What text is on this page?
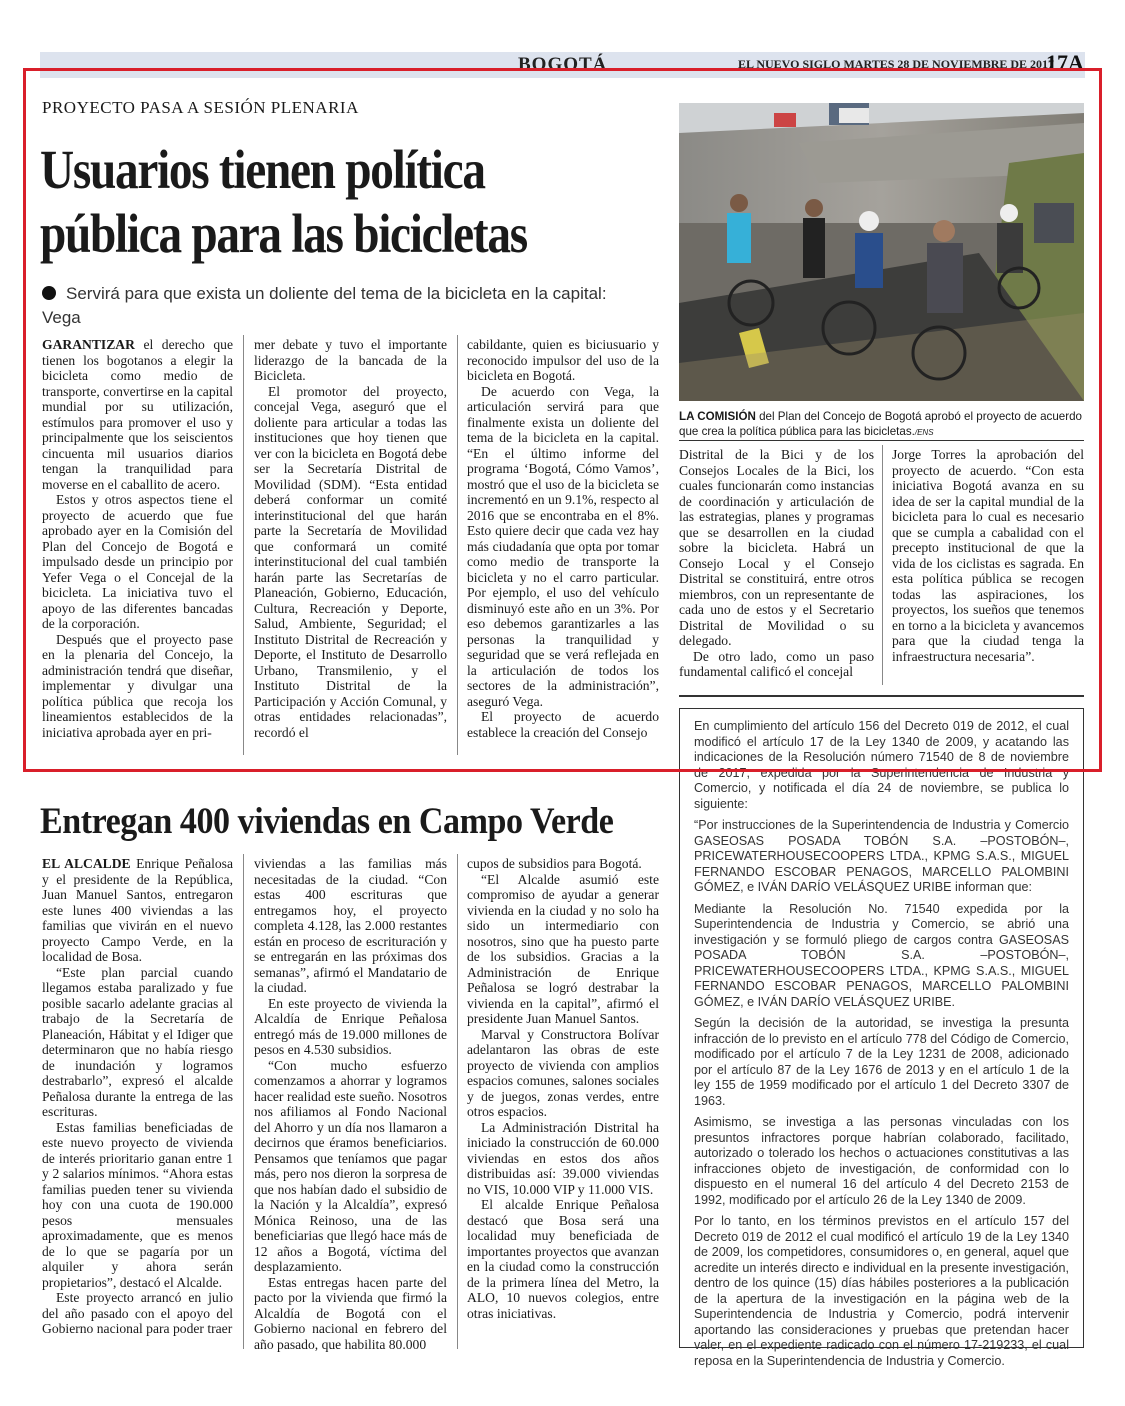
BOGOTÁ	EL NUEVO SIGLO MARTES 28 DE NOVIEMBRE DE 2017
17A
PROYECTO PASA A SESIÓN PLENARIA
Usuarios tienen política
pública para las bicicletas
Servirá para que exista un doliente del tema de la bicicleta en la capital: Vega

GARANTIZAR el derecho que tienen los bogotanos a elegir la bicicleta como medio de transporte, convertirse en la capital mundial por su utilización, estímulos para promover el uso y principalmente que los seiscientos cincuenta mil usuarios diarios tengan la tranquilidad para moverse en el caballito de acero.

Estos y otros aspectos tiene el proyecto de acuerdo que fue aprobado ayer en la Comisión del Plan del Concejo de Bogotá e impulsado desde un principio por Yefer Vega o el Concejal de la bicicleta. La iniciativa tuvo el apoyo de las diferentes bancadas de la corporación.

Después que el proyecto pase en la plenaria del Concejo, la administración tendrá que diseñar, implementar y divulgar una política pública que recoja los lineamientos establecidos de la iniciativa aprobada ayer en pri-

mer debate y tuvo el importante liderazgo de la bancada de la Bicicleta.

El promotor del proyecto, concejal Vega, aseguró que el doliente para articular a todas las instituciones que hoy tienen que ver con la bicicleta en Bogotá debe ser la Secretaría Distrital de Movilidad (SDM). “Esta entidad deberá conformar un comité interinstitucional del que harán parte la Secretaría de Movilidad que conformará un comité interinstitucional del cual también harán parte las Secretarías de Planeación, Gobierno, Educación, Cultura, Recreación y Deporte, Salud, Ambiente, Seguridad; el Instituto Distrital de Recreación y Deporte, el Instituto de Desarrollo Urbano, Transmilenio, y el Instituto Distrital de la Participación y Acción Comunal, y otras entidades relacionadas”, recordó el

cabildante, quien es biciusuario y reconocido impulsor del uso de la bicicleta en Bogotá.

De acuerdo con Vega, la articulación servirá para que finalmente exista un doliente del tema de la bicicleta en la capital. “En el último informe del programa ‘Bogotá, Cómo Vamos’, mostró que el uso de la bicicleta se incrementó en un 9.1%, respecto al 2016 que se encontraba en el 8%. Esto quiere decir que cada vez hay más ciudadanía que opta por tomar como medio de transporte la bicicleta y no el carro particular. Por ejemplo, el uso del vehículo disminuyó este año en un 3%. Por eso debemos garantizarles a las personas la tranquilidad y seguridad que se verá reflejada en la articulación de todos los sectores de la administración”, aseguró Vega.

El proyecto de acuerdo establece la creación del Consejo

LA COMISIÓN del Plan del Concejo de Bogotá aprobó el proyecto de acuerdo que crea la política pública para las bicicletas./ENS

Distrital de la Bici y de los Consejos Locales de la Bici, los cuales funcionarán como instancias de coordinación y articulación de las estrategias, planes y programas que se desarrollen en la ciudad sobre la bicicleta. Habrá un Consejo Local y el Consejo Distrital se constituirá, entre otros miembros, con un representante de cada uno de estos y el Secretario Distrital de Movilidad o su delegado.

De otro lado, como un paso fundamental calificó el concejal

Jorge Torres la aprobación del proyecto de acuerdo. “Con esta iniciativa Bogotá avanza en su idea de ser la capital mundial de la bicicleta para lo cual es necesario que se cumpla a cabalidad con el precepto institucional de que la vida de los ciclistas es sagrada. En esta política pública se recogen todas las aspiraciones, los proyectos, los sueños que tenemos en torno a la bicicleta y avancemos para que la ciudad tenga la infraestructura necesaria”.

Entregan 400 viviendas en Campo Verde

EL ALCALDE Enrique Peñalosa y el presidente de la República, Juan Manuel Santos, entregaron este lunes 400 viviendas a las familias que vivirán en el nuevo proyecto Campo Verde, en la localidad de Bosa.

“Este plan parcial cuando llegamos estaba paralizado y fue posible sacarlo adelante gracias al trabajo de la Secretaría de Planeación, Hábitat y el Idiger que determinaron que no había riesgo de inundación y logramos destrabarlo”, expresó el alcalde Peñalosa durante la entrega de las escrituras.

Estas familias beneficiadas de este nuevo proyecto de vivienda de interés prioritario ganan entre 1 y 2 salarios mínimos. “Ahora estas familias pueden tener su vivienda hoy con una cuota de 190.000 pesos mensuales aproximadamente, que es menos de lo que se pagaría por un alquiler y ahora serán propietarios”, destacó el Alcalde.

Este proyecto arrancó en julio del año pasado con el apoyo del Gobierno nacional para poder traer

viviendas a las familias más necesitadas de la ciudad. “Con estas 400 escrituras que entregamos hoy, el proyecto completa 4.128, las 2.000 restantes están en proceso de escrituración y se entregarán en las próximas dos semanas”, afirmó el Mandatario de la ciudad.

En este proyecto de vivienda la Alcaldía de Enrique Peñalosa entregó más de 19.000 millones de pesos en 4.530 subsidios.

“Con mucho esfuerzo comenzamos a ahorrar y logramos hacer realidad este sueño. Nosotros nos afiliamos al Fondo Nacional del Ahorro y un día nos llamaron a decirnos que éramos beneficiarios. Pensamos que teníamos que pagar más, pero nos dieron la sorpresa de que nos habían dado el subsidio de la Nación y la Alcaldía”, expresó Mónica Reinoso, una de las beneficiarias que llegó hace más de 12 años a Bogotá, víctima del desplazamiento.

Estas entregas hacen parte del pacto por la vivienda que firmó la Alcaldía de Bogotá con el Gobierno nacional en febrero del año pasado, que habilita 80.000

cupos de subsidios para Bogotá.

“El Alcalde asumió este compromiso de ayudar a generar vivienda en la ciudad y no solo ha sido un intermediario con nosotros, sino que ha puesto parte de los subsidios. Gracias a la Administración de Enrique Peñalosa se logró destrabar la vivienda en la capital”, afirmó el presidente Juan Manuel Santos.

Marval y Constructora Bolívar adelantaron las obras de este proyecto de vivienda con amplios espacios comunes, salones sociales y de juegos, zonas verdes, entre otros espacios.

La Administración Distrital ha iniciado la construcción de 60.000 viviendas en estos dos años distribuidas así: 39.000 viviendas no VIS, 10.000 VIP y 11.000 VIS.

El alcalde Enrique Peñalosa destacó que Bosa será una localidad muy beneficiada de importantes proyectos que avanzan en la ciudad como la construcción de la primera línea del Metro, la ALO, 10 nuevos colegios, entre otras iniciativas.

En cumplimiento del artículo 156 del Decreto 019 de 2012, el cual modificó el artículo 17 de la Ley 1340 de 2009, y acatando las indicaciones de la Resolución número 71540 de 8 de noviembre de 2017, expedida por la Superintendencia de Industria y Comercio, y notificada el día 24 de noviembre, se publica lo siguiente:

“Por instrucciones de la Superintendencia de Industria y Comercio GASEOSAS POSADA TOBÓN S.A. –POSTOBÓN–, PRICEWATERHOUSECOOPERS LTDA., KPMG S.A.S., MIGUEL FERNANDO ESCOBAR PENAGOS, MARCELLO PALOMBINI GÓMEZ, e IVÁN DARÍO VELÁSQUEZ URIBE informan que:

Mediante la Resolución No. 71540 expedida por la Superintendencia de Industria y Comercio, se abrió una investigación y se formuló pliego de cargos contra GASEOSAS POSADA TOBÓN S.A. –POSTOBÓN–, PRICEWATERHOUSECOOPERS LTDA., KPMG S.A.S., MIGUEL FERNANDO ESCOBAR PENAGOS, MARCELLO PALOMBINI GÓMEZ, e IVÁN DARÍO VELÁSQUEZ URIBE.

Según la decisión de la autoridad, se investiga la presunta infracción de lo previsto en el artículo 778 del Código de Comercio, modificado por el artículo 7 de la Ley 1231 de 2008, adicionado por el artículo 87 de la Ley 1676 de 2013 y en el artículo 1 de la ley 155 de 1959 modificado por el artículo 1 del Decreto 3307 de 1963.

Asimismo, se investiga a las personas vinculadas con los presuntos infractores porque habrían colaborado, facilitado, autorizado o tolerado los hechos o actuaciones constitutivas a las infracciones objeto de investigación, de conformidad con lo dispuesto en el numeral 16 del artículo 4 del Decreto 2153 de 1992, modificado por el artículo 26 de la Ley 1340 de 2009.

Por lo tanto, en los términos previstos en el artículo 157 del Decreto 019 de 2012 el cual modificó el artículo 19 de la Ley 1340 de 2009, los competidores, consumidores o, en general, aquel que acredite un interés directo e individual en la presente investigación, dentro de los quince (15) días hábiles posteriores a la publicación de la apertura de la investigación en la página web de la Superintendencia de Industria y Comercio, podrá intervenir aportando las consideraciones y pruebas que pretendan hacer valer, en el expediente radicado con el número 17-219233, el cual reposa en la Superintendencia de Industria y Comercio.
